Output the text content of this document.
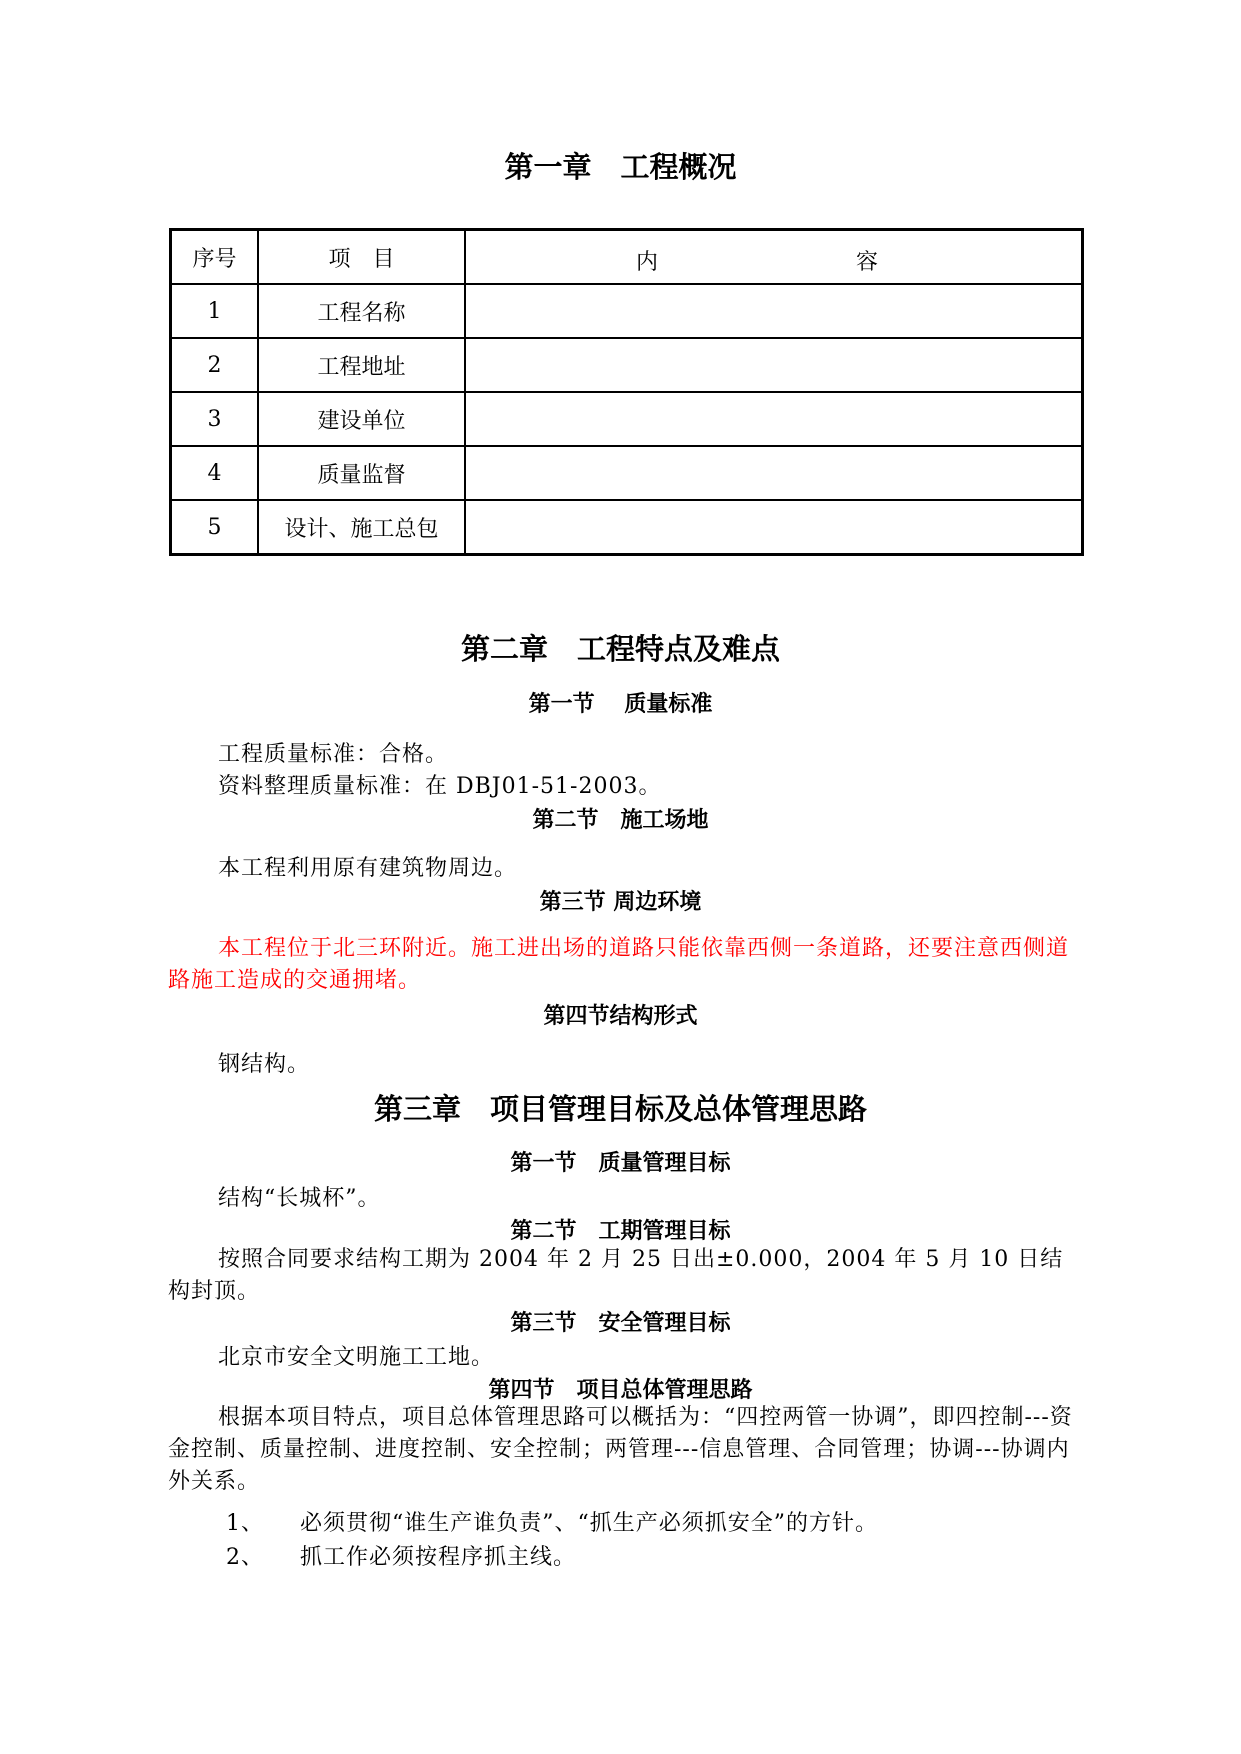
第一章　工程概况
序号	项　目	内 容

1	工程名称	
2	工程地址	
3	建设单位	
4	质量监督	
5	设计、施工总包	
第二章　工程特点及难点
第一节　 质量标准
工程质量标准：合格。
资料整理质量标准：在 DBJ01-51-2003。
第二节　施工场地
本工程利用原有建筑物周边。
第三节 周边环境
本工程位于北三环附近。施工进出场的道路只能依靠西侧一条道路，还要注意西侧道路施工造成的交通拥堵。
第四节结构形式
钢结构。
第三章　项目管理目标及总体管理思路
第一节　质量管理目标
结构“长城杯”。
第二节　工期管理目标
按照合同要求结构工期为 2004 年 2 月 25 日出±0.000，2004 年 5 月 10 日结构封顶。
第三节　安全管理目标
北京市安全文明施工工地。
第四节　项目总体管理思路
根据本项目特点，项目总体管理思路可以概括为：“四控两管一协调”，即四控制---资金控制、质量控制、进度控制、安全控制；两管理---信息管理、合同管理；协调---协调内外关系。
1、 必须贯彻“谁生产谁负责”、“抓生产必须抓安全”的方针。
2、 抓工作必须按程序抓主线。
